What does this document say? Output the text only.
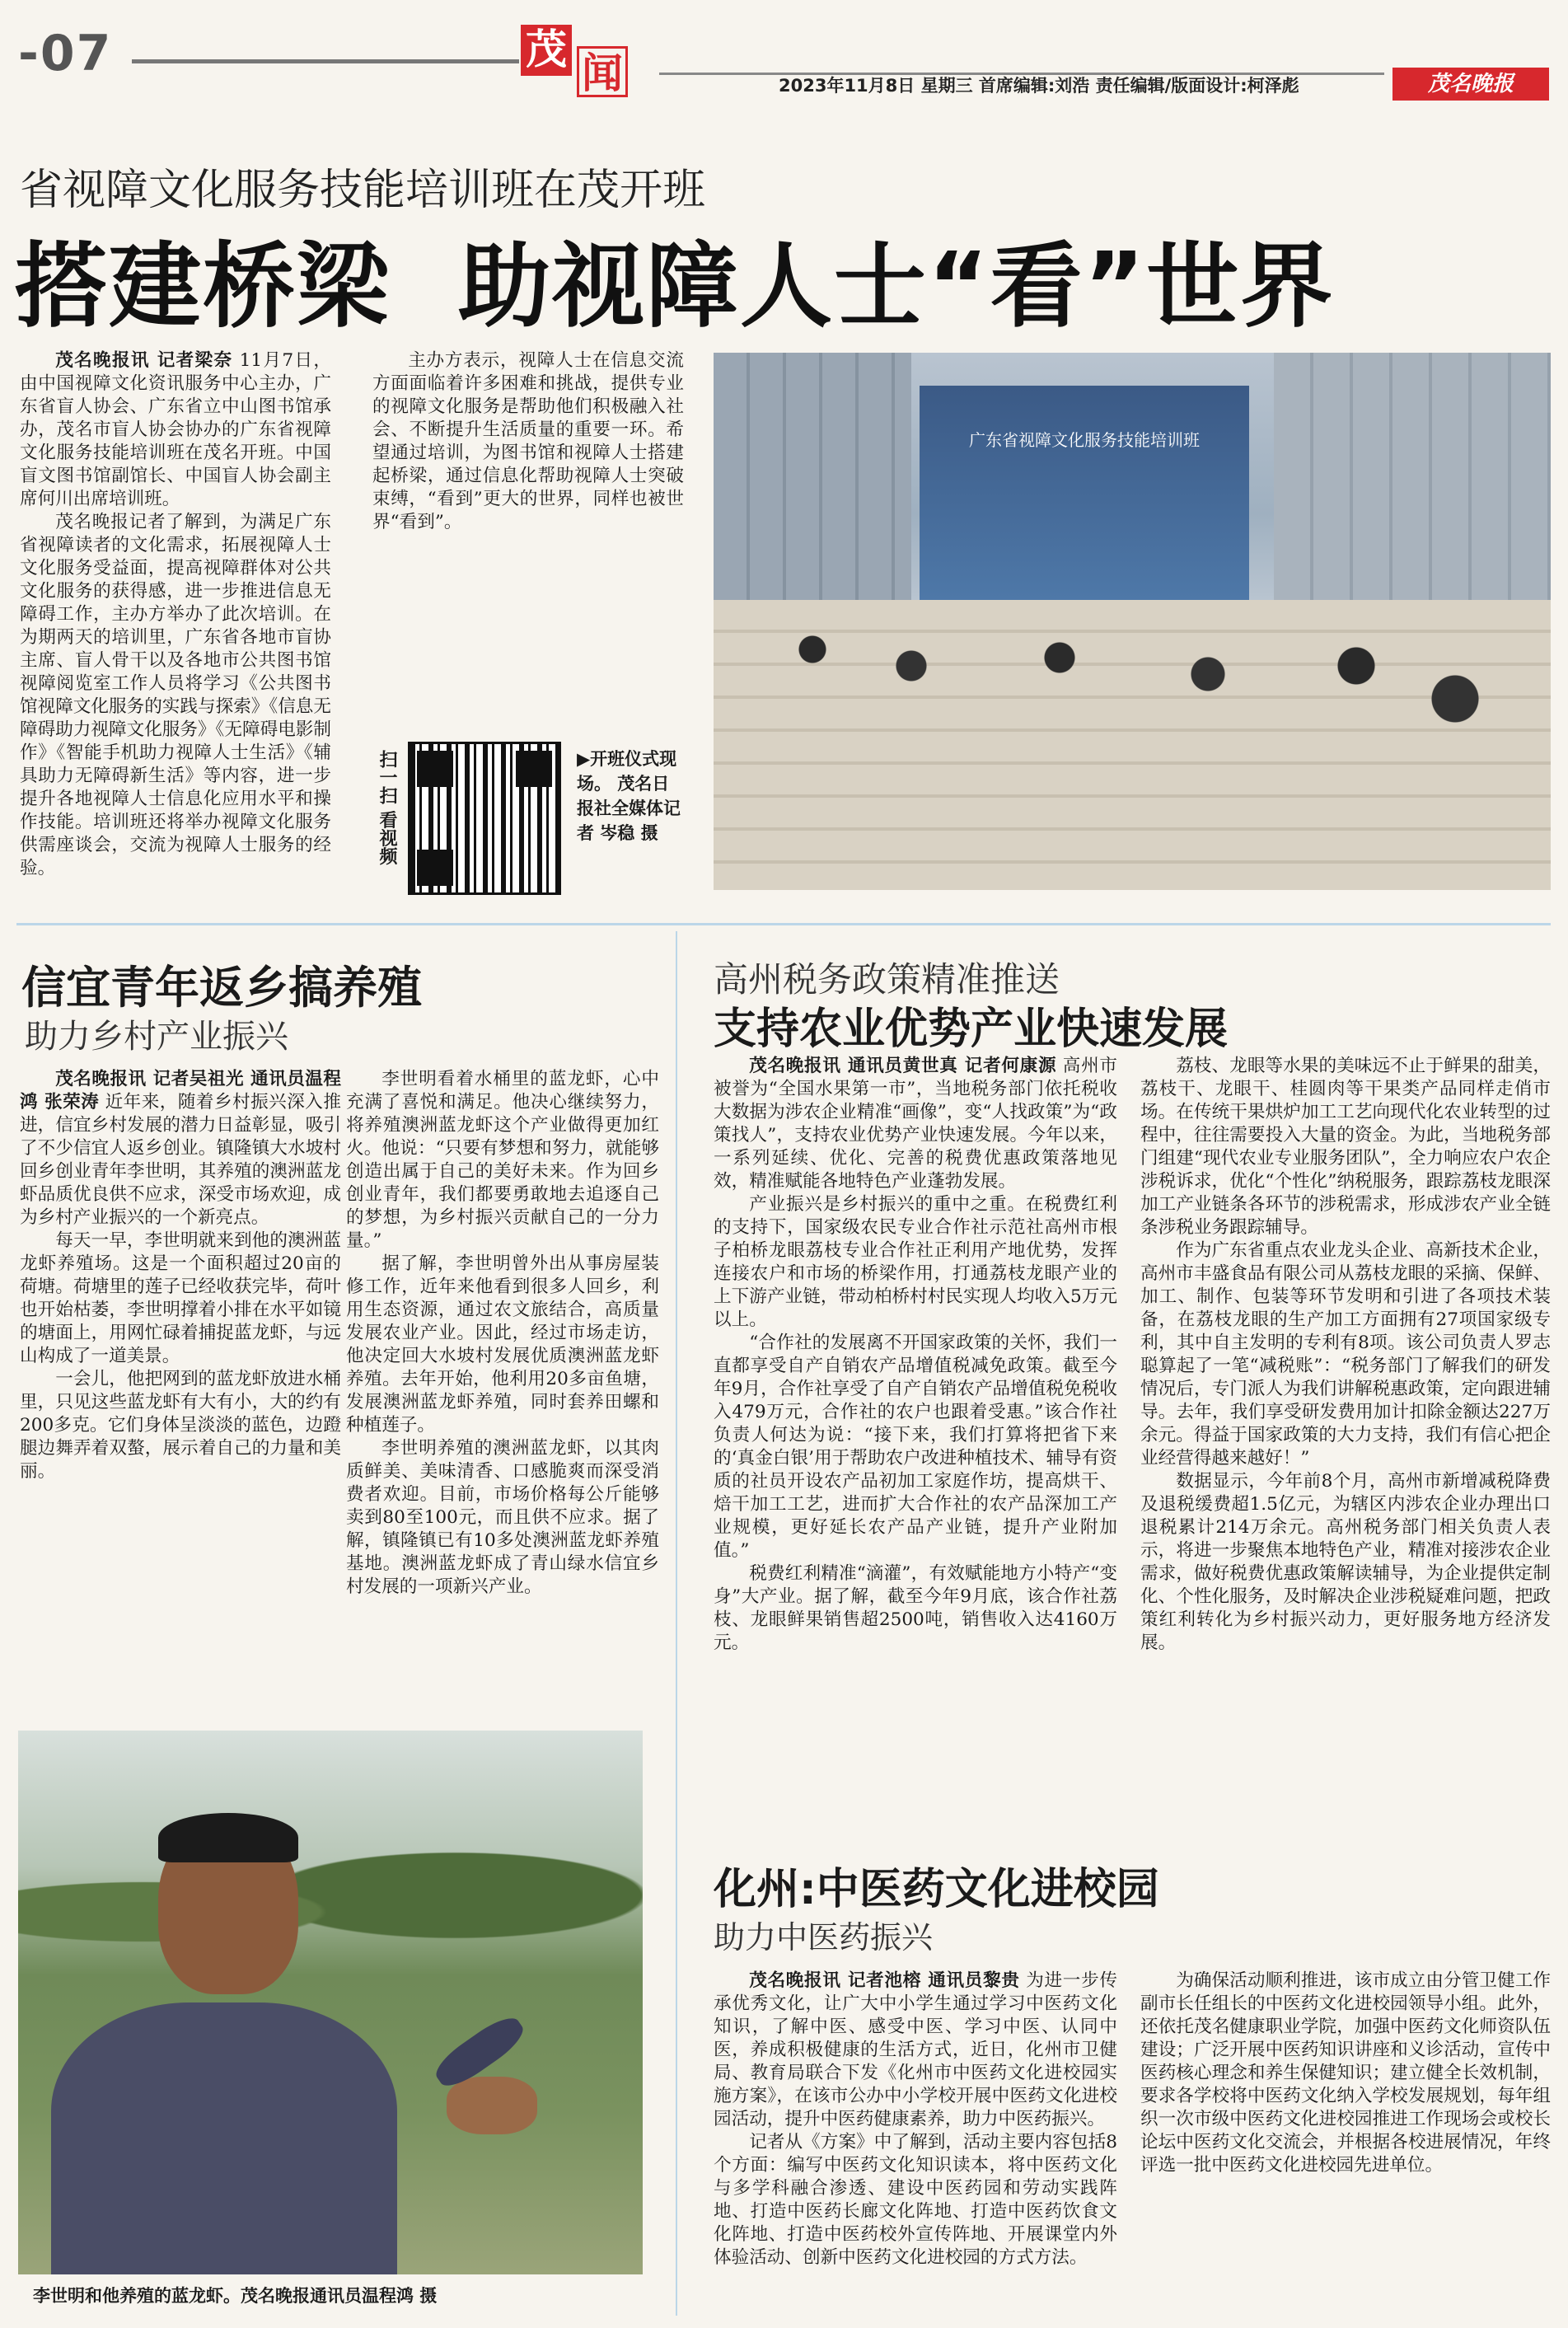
-07	茂 闻	2023年11月8日 星期三 首席编辑:刘浩 责任编辑/版面设计:柯泽彪	茂名晚报
省视障文化服务技能培训班在茂开班
搭建桥梁  助视障人士“看”世界

茂名晚报讯 记者梁奈 11月7日，由中国视障文化资讯服务中心主办，广东省盲人协会、广东省立中山图书馆承办，茂名市盲人协会协办的广东省视障文化服务技能培训班在茂名开班。中国盲文图书馆副馆长、中国盲人协会副主席何川出席培训班。

茂名晚报记者了解到，为满足广东省视障读者的文化需求，拓展视障人士文化服务受益面，提高视障群体对公共文化服务的获得感，进一步推进信息无障碍工作，主办方举办了此次培训。在为期两天的培训里，广东省各地市盲协主席、盲人骨干以及各地市公共图书馆视障阅览室工作人员将学习《公共图书馆视障文化服务的实践与探索》《信息无障碍助力视障文化服务》《无障碍电影制作》《智能手机助力视障人士生活》《辅具助力无障碍新生活》等内容，进一步提升各地视障人士信息化应用水平和操作技能。培训班还将举办视障文化服务供需座谈会，交流为视障人士服务的经验。

主办方表示，视障人士在信息交流方面面临着许多困难和挑战，提供专业的视障文化服务是帮助他们积极融入社会、不断提升生活质量的重要一环。希望通过培训，为图书馆和视障人士搭建起桥梁，通过信息化帮助视障人士突破束缚，“看到”更大的世界，同样也被世界“看到”。

扫一扫 看视频	▶开班仪式现场。 茂名日报社全媒体记者 岑稳 摄
广东省视障文化服务技能培训班
信宜青年返乡搞养殖
助力乡村产业振兴

茂名晚报讯 记者吴祖光 通讯员温程鸿 张荣涛 近年来，随着乡村振兴深入推进，信宜乡村发展的潜力日益彰显，吸引了不少信宜人返乡创业。镇隆镇大水坡村回乡创业青年李世明，其养殖的澳洲蓝龙虾品质优良供不应求，深受市场欢迎，成为乡村产业振兴的一个新亮点。

每天一早，李世明就来到他的澳洲蓝龙虾养殖场。这是一个面积超过20亩的荷塘。荷塘里的莲子已经收获完毕，荷叶也开始枯萎，李世明撑着小排在水平如镜的塘面上，用网忙碌着捕捉蓝龙虾，与远山构成了一道美景。

一会儿，他把网到的蓝龙虾放进水桶里，只见这些蓝龙虾有大有小，大的约有200多克。它们身体呈淡淡的蓝色，边蹬腿边舞弄着双螯，展示着自己的力量和美丽。

李世明看着水桶里的蓝龙虾，心中充满了喜悦和满足。他决心继续努力，将养殖澳洲蓝龙虾这个产业做得更加红火。他说：“只要有梦想和努力，就能够创造出属于自己的美好未来。作为回乡创业青年，我们都要勇敢地去追逐自己的梦想，为乡村振兴贡献自己的一分力量。”

据了解，李世明曾外出从事房屋装修工作，近年来他看到很多人回乡，利用生态资源，通过农文旅结合，高质量发展农业产业。因此，经过市场走访，他决定回大水坡村发展优质澳洲蓝龙虾养殖。去年开始，他利用20多亩鱼塘，发展澳洲蓝龙虾养殖，同时套养田螺和种植莲子。

李世明养殖的澳洲蓝龙虾，以其肉质鲜美、美味清香、口感脆爽而深受消费者欢迎。目前，市场价格每公斤能够卖到80至100元，而且供不应求。据了解，镇隆镇已有10多处澳洲蓝龙虾养殖基地。澳洲蓝龙虾成了青山绿水信宜乡村发展的一项新兴产业。

李世明和他养殖的蓝龙虾。茂名晚报通讯员温程鸿 摄
高州税务政策精准推送
支持农业优势产业快速发展

茂名晚报讯 通讯员黄世真 记者何康源 高州市被誉为“全国水果第一市”，当地税务部门依托税收大数据为涉农企业精准“画像”，变“人找政策”为“政策找人”，支持农业优势产业快速发展。今年以来，一系列延续、优化、完善的税费优惠政策落地见效，精准赋能各地特色产业蓬勃发展。

产业振兴是乡村振兴的重中之重。在税费红利的支持下，国家级农民专业合作社示范社高州市根子柏桥龙眼荔枝专业合作社正利用产地优势，发挥连接农户和市场的桥梁作用，打通荔枝龙眼产业的上下游产业链，带动柏桥村村民实现人均收入5万元以上。

“合作社的发展离不开国家政策的关怀，我们一直都享受自产自销农产品增值税减免政策。截至今年9月，合作社享受了自产自销农产品增值税免税收入479万元，合作社的农户也跟着受惠。”该合作社负责人何达为说：“接下来，我们打算将把省下来的‘真金白银’用于帮助农户改进种植技术、辅导有资质的社员开设农产品初加工家庭作坊，提高烘干、焙干加工工艺，进而扩大合作社的农产品深加工产业规模，更好延长农产品产业链，提升产业附加值。”

税费红利精准“滴灌”，有效赋能地方小特产“变身”大产业。据了解，截至今年9月底，该合作社荔枝、龙眼鲜果销售超2500吨，销售收入达4160万元。

荔枝、龙眼等水果的美味远不止于鲜果的甜美，荔枝干、龙眼干、桂圆肉等干果类产品同样走俏市场。在传统干果烘炉加工工艺向现代化农业转型的过程中，往往需要投入大量的资金。为此，当地税务部门组建“现代农业专业服务团队”，全力响应农户农企涉税诉求，优化“个性化”纳税服务，跟踪荔枝龙眼深加工产业链条各环节的涉税需求，形成涉农产业全链条涉税业务跟踪辅导。

作为广东省重点农业龙头企业、高新技术企业，高州市丰盛食品有限公司从荔枝龙眼的采摘、保鲜、加工、制作、包装等环节发明和引进了各项技术装备，在荔枝龙眼的生产加工方面拥有27项国家级专利，其中自主发明的专利有8项。该公司负责人罗志聪算起了一笔“减税账”：“税务部门了解我们的研发情况后，专门派人为我们讲解税惠政策，定向跟进辅导。去年，我们享受研发费用加计扣除金额达227万余元。得益于国家政策的大力支持，我们有信心把企业经营得越来越好！”

数据显示，今年前8个月，高州市新增减税降费及退税缓费超1.5亿元，为辖区内涉农企业办理出口退税累计214万余元。高州税务部门相关负责人表示，将进一步聚焦本地特色产业，精准对接涉农企业需求，做好税费优惠政策解读辅导，为企业提供定制化、个性化服务，及时解决企业涉税疑难问题，把政策红利转化为乡村振兴动力，更好服务地方经济发展。

化州:中医药文化进校园
助力中医药振兴

茂名晚报讯 记者池榕 通讯员黎贵 为进一步传承优秀文化，让广大中小学生通过学习中医药文化知识，了解中医、感受中医、学习中医、认同中医，养成积极健康的生活方式，近日，化州市卫健局、教育局联合下发《化州市中医药文化进校园实施方案》，在该市公办中小学校开展中医药文化进校园活动，提升中医药健康素养，助力中医药振兴。

记者从《方案》中了解到，活动主要内容包括8个方面：编写中医药文化知识读本，将中医药文化与多学科融合渗透、建设中医药园和劳动实践阵地、打造中医药长廊文化阵地、打造中医药饮食文化阵地、打造中医药校外宣传阵地、开展课堂内外体验活动、创新中医药文化进校园的方式方法。

为确保活动顺利推进，该市成立由分管卫健工作副市长任组长的中医药文化进校园领导小组。此外，还依托茂名健康职业学院，加强中医药文化师资队伍建设；广泛开展中医药知识讲座和义诊活动，宣传中医药核心理念和养生保健知识；建立健全长效机制，要求各学校将中医药文化纳入学校发展规划，每年组织一次市级中医药文化进校园推进工作现场会或校长论坛中医药文化交流会，并根据各校进展情况，年终评选一批中医药文化进校园先进单位。
